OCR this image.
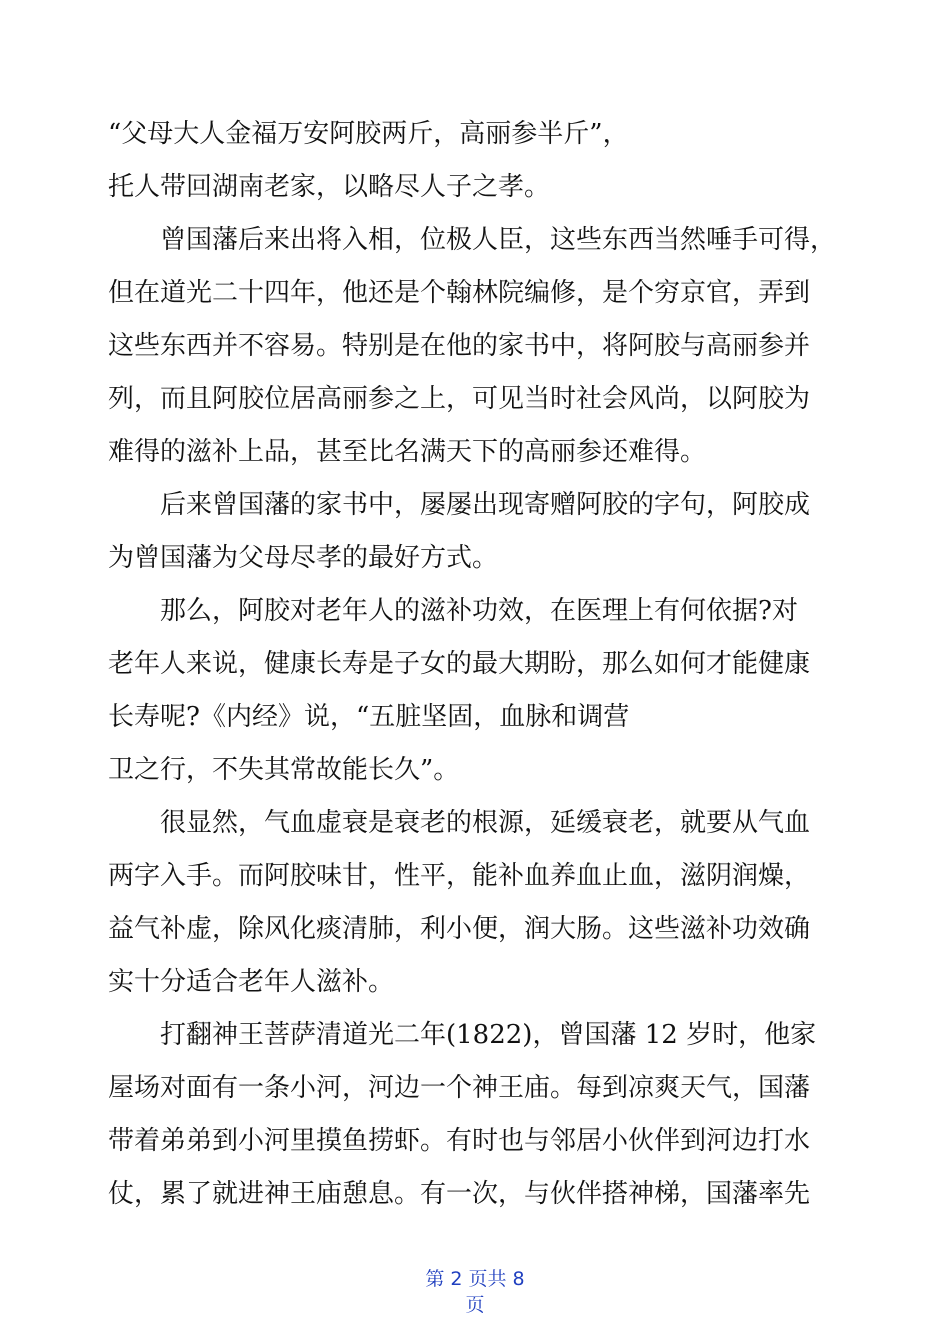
“父母大人金福万安阿胶两斤，高丽参半斤”，
托人带回湖南老家，以略尽人子之孝。
曾国藩后来出将入相，位极人臣，这些东西当然唾手可得，
但在道光二十四年，他还是个翰林院编修，是个穷京官，弄到
这些东西并不容易。特别是在他的家书中，将阿胶与高丽参并
列，而且阿胶位居高丽参之上，可见当时社会风尚，以阿胶为
难得的滋补上品，甚至比名满天下的高丽参还难得。
后来曾国藩的家书中，屡屡出现寄赠阿胶的字句，阿胶成
为曾国藩为父母尽孝的最好方式。
那么，阿胶对老年人的滋补功效，在医理上有何依据?对
老年人来说，健康长寿是子女的最大期盼，那么如何才能健康
长寿呢?《内经》说，“五脏坚固，血脉和调营
卫之行，不失其常故能长久”。
很显然，气血虚衰是衰老的根源，延缓衰老，就要从气血
两字入手。而阿胶味甘，性平，能补血养血止血，滋阴润燥，
益气补虚，除风化痰清肺，利小便，润大肠。这些滋补功效确
实十分适合老年人滋补。
打翻神王菩萨清道光二年(1822)，曾国藩 12 岁时，他家
屋场对面有一条小河，河边一个神王庙。每到凉爽天气，国藩
带着弟弟到小河里摸鱼捞虾。有时也与邻居小伙伴到河边打水
仗，累了就进神王庙憩息。有一次，与伙伴搭神梯，国藩率先
第 2 页共 8
页
